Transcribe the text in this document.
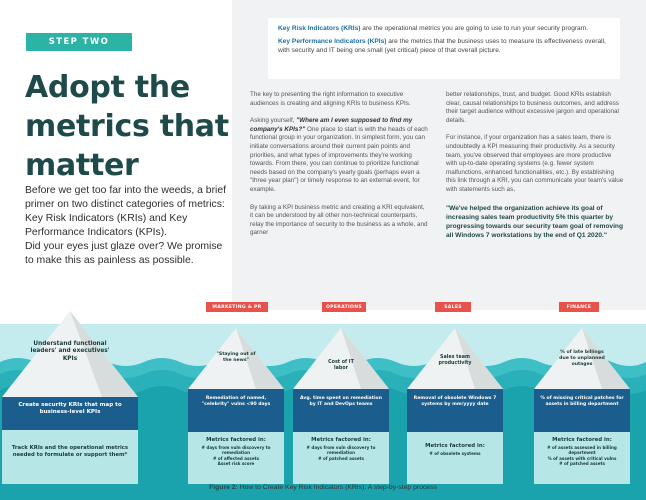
STEP TWO
Adopt the metrics that matter

Before we get too far into the weeds, a brief primer on two distinct categories of metrics: Key Risk Indicators (KRIs) and Key Performance Indicators (KPIs).

Did your eyes just glaze over? We promise to make this as painless as possible.

Key Risk Indicators (KRIs) are the operational metrics you are going to use to run your security program.

Key Performance Indicators (KPIs) are the metrics that the business uses to measure its effectiveness overall, with security and IT being one small (yet critical) piece of that overall picture.

The key to presenting the right information to executive audiences is creating and aligning KRIs to business KPIs.

Asking yourself, "Where am I even supposed to find my company's KPIs?" One place to start is with the heads of each functional group in your organization. In simplest form, you can initiate conversations around their current pain points and priorities, and what types of improvements they're working towards. From there, you can continue to prioritize functional needs based on the company's yearly goals (perhaps even a "three year plan") or timely response to an external event, for example.

By taking a KPI business metric and creating a KRI equivalent, it can be understood by all other non-technical counterparts, relay the importance of security to the business as a whole, and garner

better relationships, trust, and budget. Good KRIs establish clear, causal relationships to business outcomes, and address their target audience without excessive jargon and operational details.

For instance, if your organization has a sales team, there is undoubtedly a KPI measuring their productivity. As a security team, you've observed that employees are more productive with up-to-date operating systems (e.g. fewer system malfunctions, enhanced functionalities, etc.). By establishing this link through a KRI, you can communicate your team's value with statements such as,

"We've helped the organization achieve its goal of increasing sales team productivity 5% this quarter by progressing towards our security team goal of removing all Windows 7 workstations by the end of Q1 2020."

MARKETING & PR	OPERATIONS	SALES	FINANCE
Understand functional leaders' and executives' KPIs
Create security KRIs that map to business-level KPIs
Track KRIs and the operational metrics needed to formulate or support them*
"Staying out of the news"
Remediation of named, "celebrity" vulns <90 days
Metrics factored in:
# days from vuln discovery to remediation
# of affected assets
Asset risk score
Cost of IT labor
Avg. time spent on remediation by IT and DevOps teams
Metrics factored in:
# days from vuln discovery to remediation
# of patched assets
Sales team productivity
Removal of obsolete Windows 7 systems by mm/yyyy date
Metrics factored in:
# of obsolete systems
% of late billings due to unplanned outages
% of missing critical patches for assets in billing department
Metrics factored in:
# of assets assessed in billing department
% of assets with critical vulns
# of patched assets
Figure 2: How to Create Key Risk Indicators (KRIs): A step-by-step process
